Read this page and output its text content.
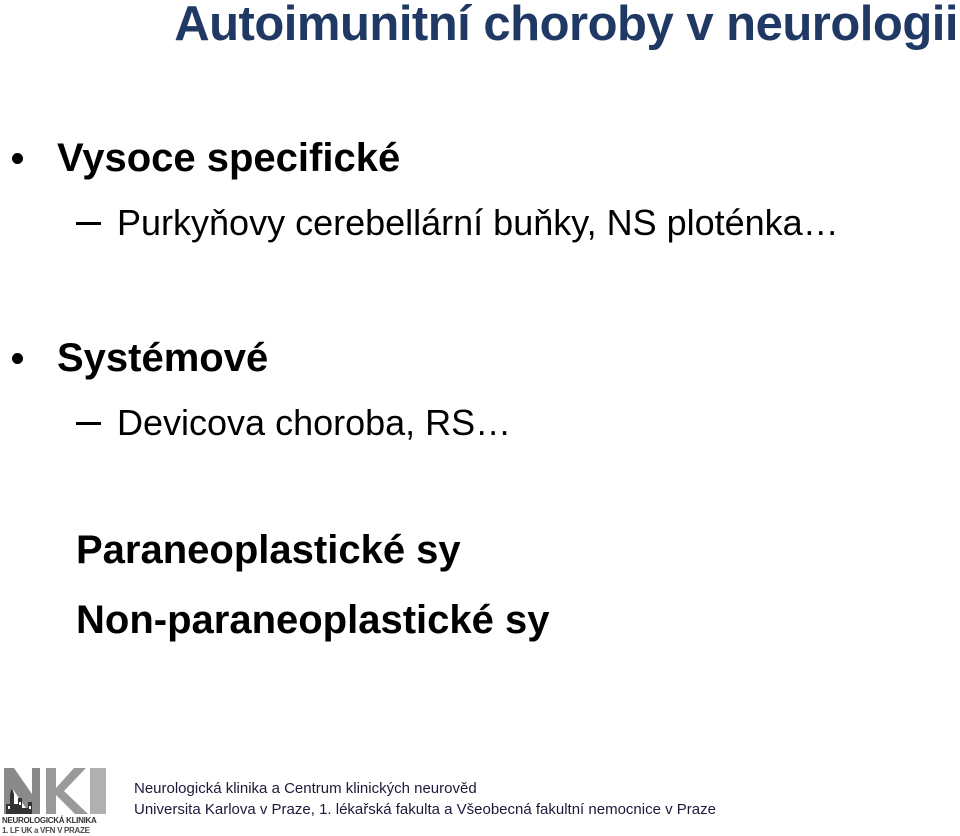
Autoimunitní choroby v neurologii
Vysoce specifické
Purkyňovy cerebellární buňky, NS ploténka…
Systémové
Devicova choroba, RS…
Paraneoplastické sy
Non-paraneoplastické sy
NEUROLOGICKÁ KLINIKA
1. LF UK a VFN V PRAZE
Neurologická klinika a Centrum klinických neurověd
Universita Karlova v Praze, 1. lékařská fakulta a Všeobecná fakultní nemocnice v Praze
